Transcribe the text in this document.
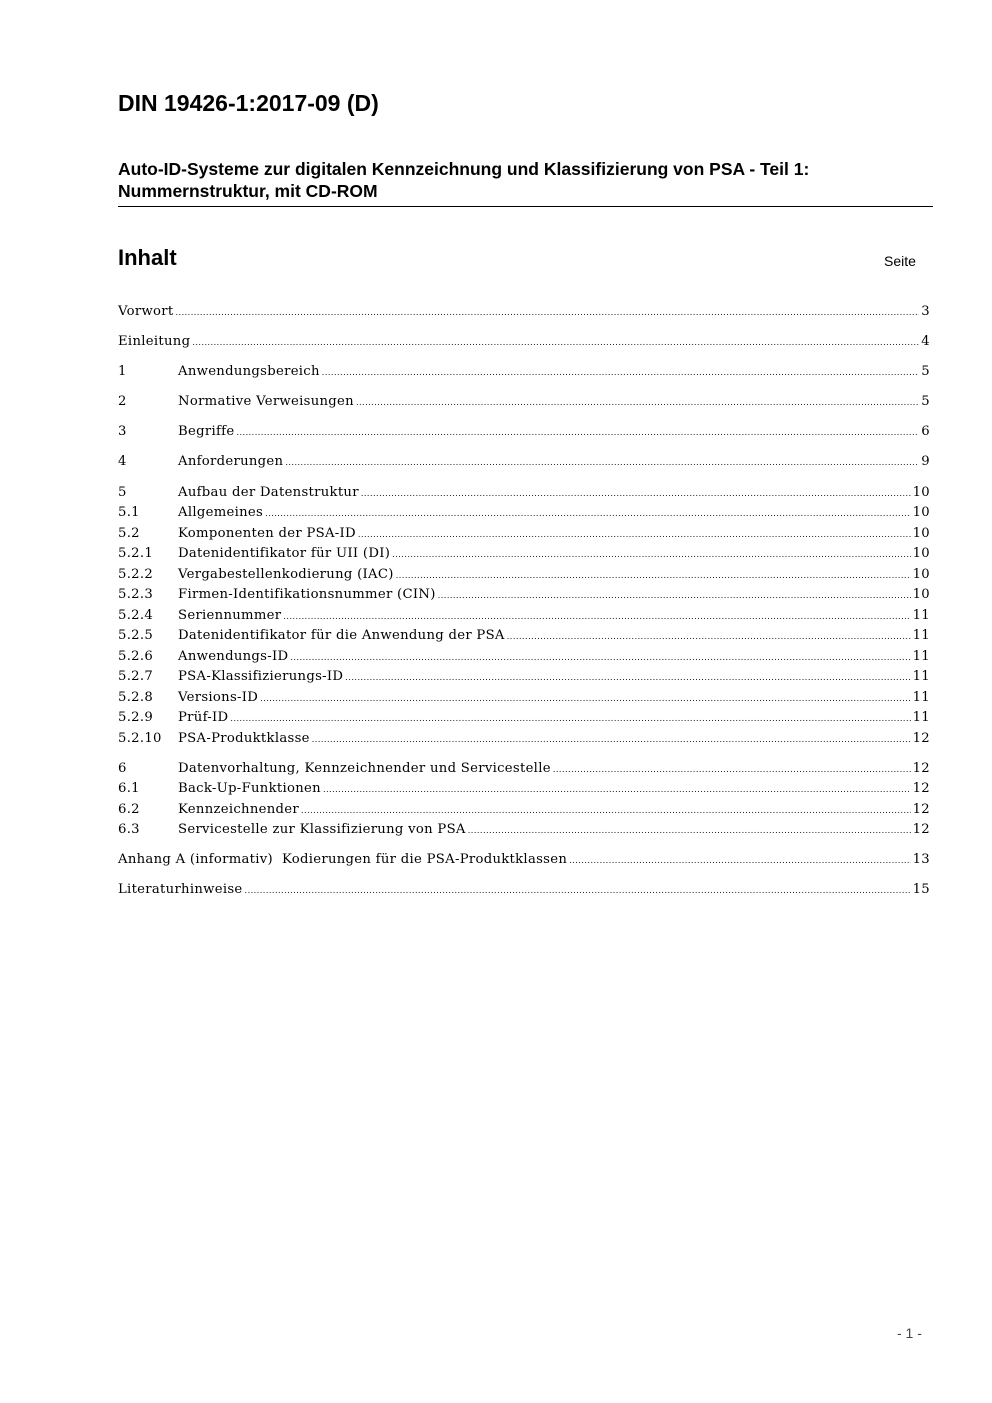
DIN 19426-1:2017-09 (D)
Auto-ID-Systeme zur digitalen Kennzeichnung und Klassifizierung von PSA - Teil 1: Nummernstruktur, mit CD-ROM
Inhalt	Seite
Vorwort .....	3
Einleitung .....	4
1	Anwendungsbereich .....	5
2	Normative Verweisungen .....	5
3	Begriffe .....	6
4	Anforderungen .....	9
5	Aufbau der Datenstruktur .....	10
5.1	Allgemeines .....	10
5.2	Komponenten der PSA-ID .....	10
5.2.1	Datenidentifikator für UII (DI) .....	10
5.2.2	Vergabestellenkodierung (IAC) .....	10
5.2.3	Firmen-Identifikationsnummer (CIN) .....	10
5.2.4	Seriennummer .....	11
5.2.5	Datenidentifikator für die Anwendung der PSA .....	11
5.2.6	Anwendungs-ID .....	11
5.2.7	PSA-Klassifizierungs-ID .....	11
5.2.8	Versions-ID .....	11
5.2.9	Prüf-ID .....	11
5.2.10	PSA-Produktklasse .....	12
6	Datenvorhaltung, Kennzeichnender und Servicestelle .....	12
6.1	Back-Up-Funktionen .....	12
6.2	Kennzeichnender .....	12
6.3	Servicestelle zur Klassifizierung von PSA .....	12
Anhang A (informativ)  Kodierungen für die PSA-Produktklassen .....	13
Literaturhinweise .....	15
- 1 -
